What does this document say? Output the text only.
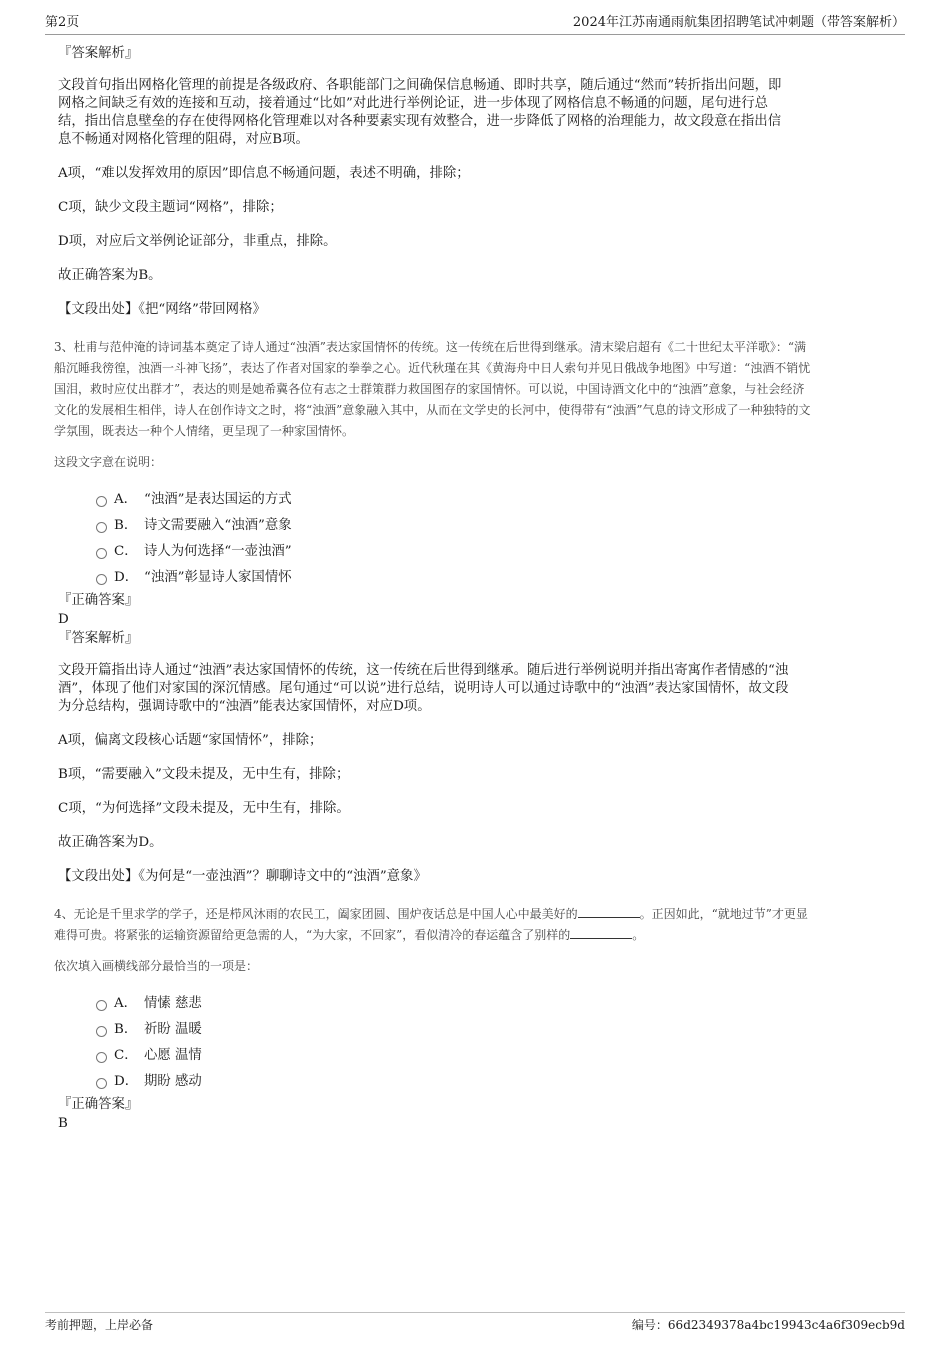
第2页	2024年江苏南通雨航集团招聘笔试冲刺题（带答案解析）
『答案解析』
文段首句指出网格化管理的前提是各级政府、各职能部门之间确保信息畅通、即时共享，随后通过“然而”转折指出问题，即
网格之间缺乏有效的连接和互动，接着通过“比如”对此进行举例论证，进一步体现了网格信息不畅通的问题，尾句进行总
结，指出信息壁垒的存在使得网格化管理难以对各种要素实现有效整合，进一步降低了网格的治理能力，故文段意在指出信
息不畅通对网格化管理的阻碍，对应B项。
A项，“难以发挥效用的原因”即信息不畅通问题，表述不明确，排除；
C项，缺少文段主题词“网格”，排除；
D项，对应后文举例论证部分，非重点，排除。
故正确答案为B。
【文段出处】《把“网络”带回网格》
3、杜甫与范仲淹的诗词基本奠定了诗人通过“浊酒”表达家国情怀的传统。这一传统在后世得到继承。清末梁启超有《二十世纪太平洋歌》：“满
船沉睡我徬徨，浊酒一斗神飞扬”，表达了作者对国家的拳拳之心。近代秋瑾在其《黄海舟中日人索句并见日俄战争地图》中写道：“浊酒不销忧
国泪，救时应仗出群才”，表达的则是她希冀各位有志之士群策群力救国图存的家国情怀。可以说，中国诗酒文化中的“浊酒”意象，与社会经济
文化的发展相生相伴，诗人在创作诗文之时，将“浊酒”意象融入其中，从而在文学史的长河中，使得带有“浊酒”气息的诗文形成了一种独特的文
学氛围，既表达一种个人情绪，更呈现了一种家国情怀。
这段文字意在说明：
A． “浊酒”是表达国运的方式
B． 诗文需要融入“浊酒”意象
C． 诗人为何选择“一壶浊酒”
D． “浊酒”彰显诗人家国情怀
『正确答案』
D
『答案解析』
文段开篇指出诗人通过“浊酒”表达家国情怀的传统，这一传统在后世得到继承。随后进行举例说明并指出寄寓作者情感的“浊
酒”，体现了他们对家国的深沉情感。尾句通过“可以说”进行总结，说明诗人可以通过诗歌中的“浊酒”表达家国情怀，故文段
为分总结构，强调诗歌中的“浊酒”能表达家国情怀，对应D项。
A项，偏离文段核心话题“家国情怀”，排除；
B项，“需要融入”文段未提及，无中生有，排除；
C项，“为何选择”文段未提及，无中生有，排除。
故正确答案为D。
【文段出处】《为何是“一壶浊酒”？聊聊诗文中的“浊酒”意象》
4、无论是千里求学的学子，还是栉风沐雨的农民工，阖家团圆、围炉夜话总是中国人心中最美好的	。正因如此，“就地过节”才更显
难得可贵。将紧张的运输资源留给更急需的人，“为大家，不回家”，看似清冷的春运蕴含了别样的	。
依次填入画横线部分最恰当的一项是：
A． 情愫 慈悲
B． 祈盼 温暖
C． 心愿 温情
D． 期盼 感动
『正确答案』
B
考前押题，上岸必备	编号：66d2349378a4bc19943c4a6f309ecb9d
